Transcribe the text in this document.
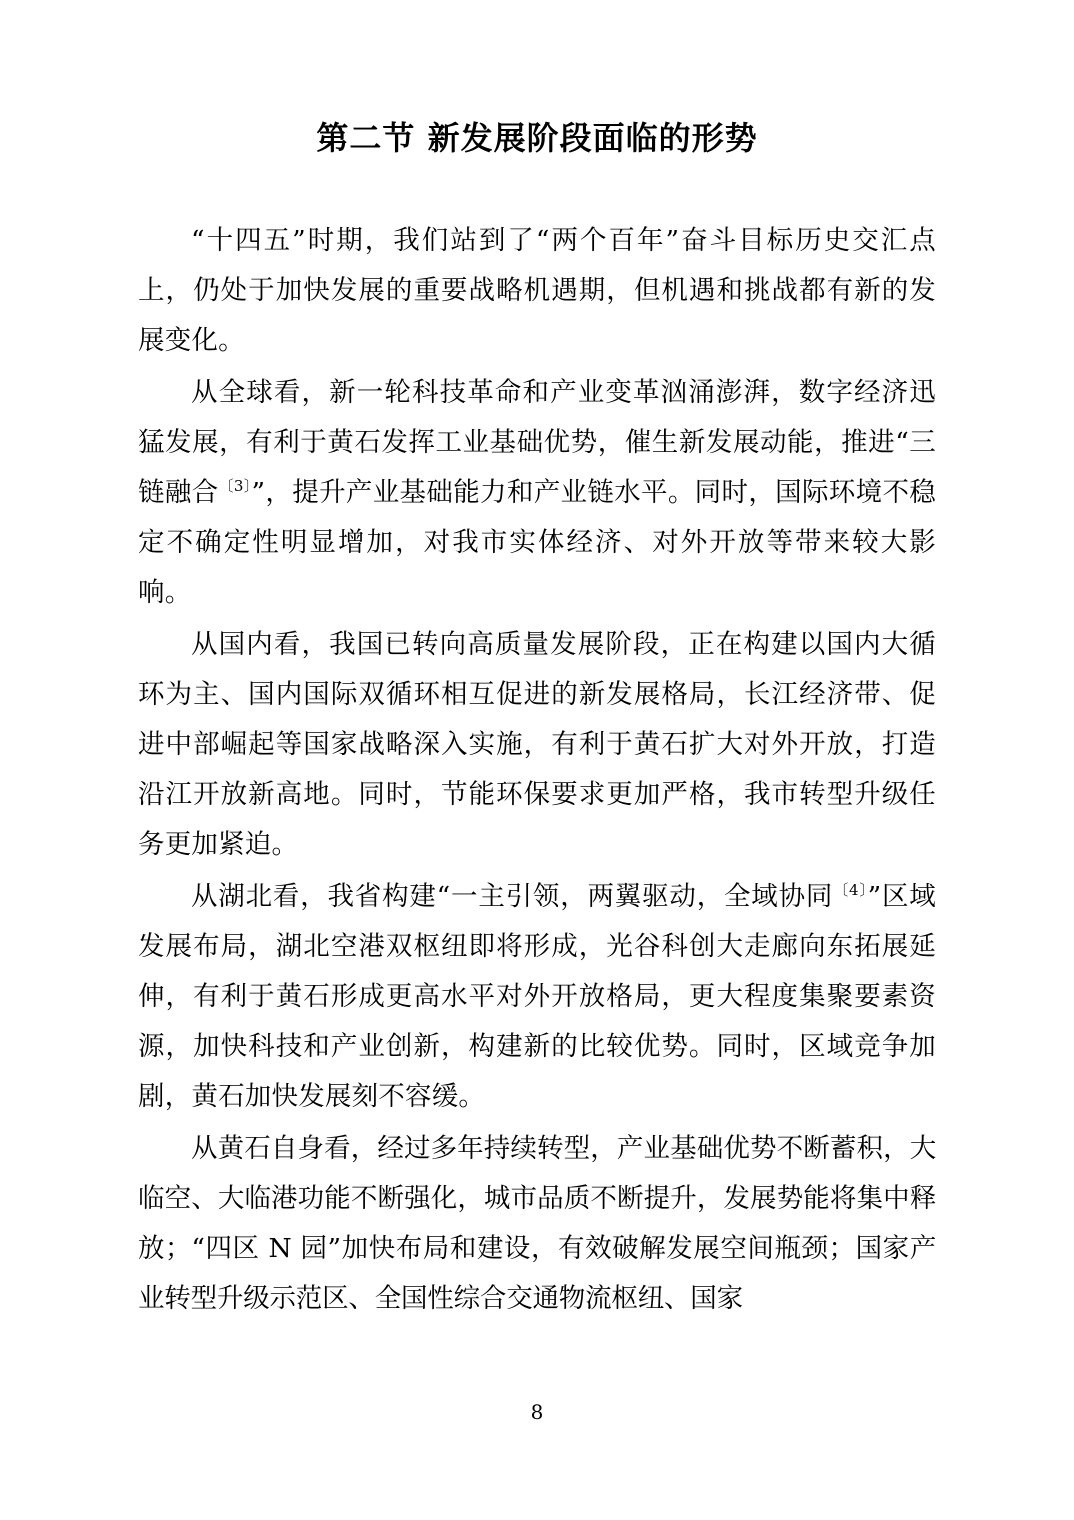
第二节 新发展阶段面临的形势

“十四五”时期，我们站到了“两个百年”奋斗目标历史交汇点上，仍处于加快发展的重要战略机遇期，但机遇和挑战都有新的发展变化。

从全球看，新一轮科技革命和产业变革汹涌澎湃，数字经济迅猛发展，有利于黄石发挥工业基础优势，催生新发展动能，推进“三链融合$^{〔3〕}$”，提升产业基础能力和产业链水平。同时，国际环境不稳定不确定性明显增加，对我市实体经济、对外开放等带来较大影响。

从国内看，我国已转向高质量发展阶段，正在构建以国内大循环为主、国内国际双循环相互促进的新发展格局，长江经济带、促进中部崛起等国家战略深入实施，有利于黄石扩大对外开放，打造沿江开放新高地。同时，节能环保要求更加严格，我市转型升级任务更加紧迫。

从湖北看，我省构建“一主引领，两翼驱动，全域协同$^{〔4〕}$”区域发展布局，湖北空港双枢纽即将形成，光谷科创大走廊向东拓展延伸，有利于黄石形成更高水平对外开放格局，更大程度集聚要素资源，加快科技和产业创新，构建新的比较优势。同时，区域竞争加剧，黄石加快发展刻不容缓。

从黄石自身看，经过多年持续转型，产业基础优势不断蓄积，大临空、大临港功能不断强化，城市品质不断提升，发展势能将集中释放；“四区 N 园”加快布局和建设，有效破解发展空间瓶颈；国家产业转型升级示范区、全国性综合交通物流枢纽、国家

8
